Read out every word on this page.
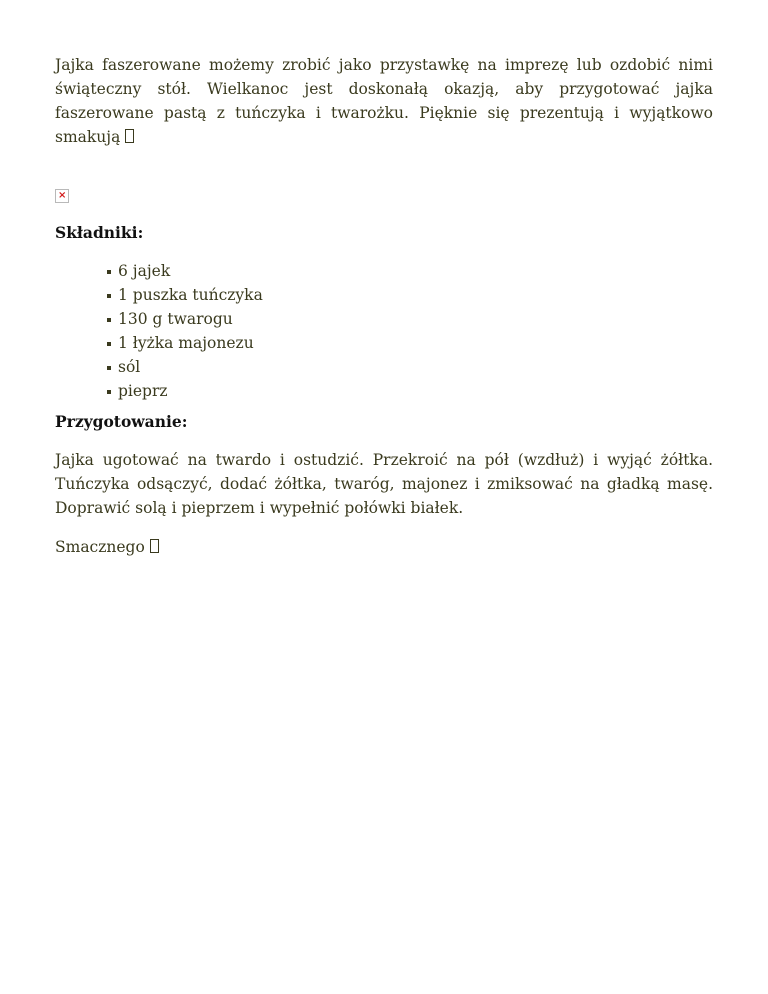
Jajka faszerowane możemy zrobić jako przystawkę na imprezę lub ozdobić nimi świąteczny stół. Wielkanoc jest doskonałą okazją, aby przygotować jajka faszerowane pastą z tuńczyka i twarożku. Pięknie się prezentują i wyjątkowo smakują

×

Składniki:

6 jajek
1 puszka tuńczyka
130 g twarogu
1 łyżka majonezu
sól
pieprz

Przygotowanie:

Jajka ugotować na twardo i ostudzić. Przekroić na pół (wzdłuż) i wyjąć żółtka. Tuńczyka odsączyć, dodać żółtka, twaróg, majonez i zmiksować na gładką masę. Doprawić solą i pieprzem i wypełnić połówki białek.

Smacznego
